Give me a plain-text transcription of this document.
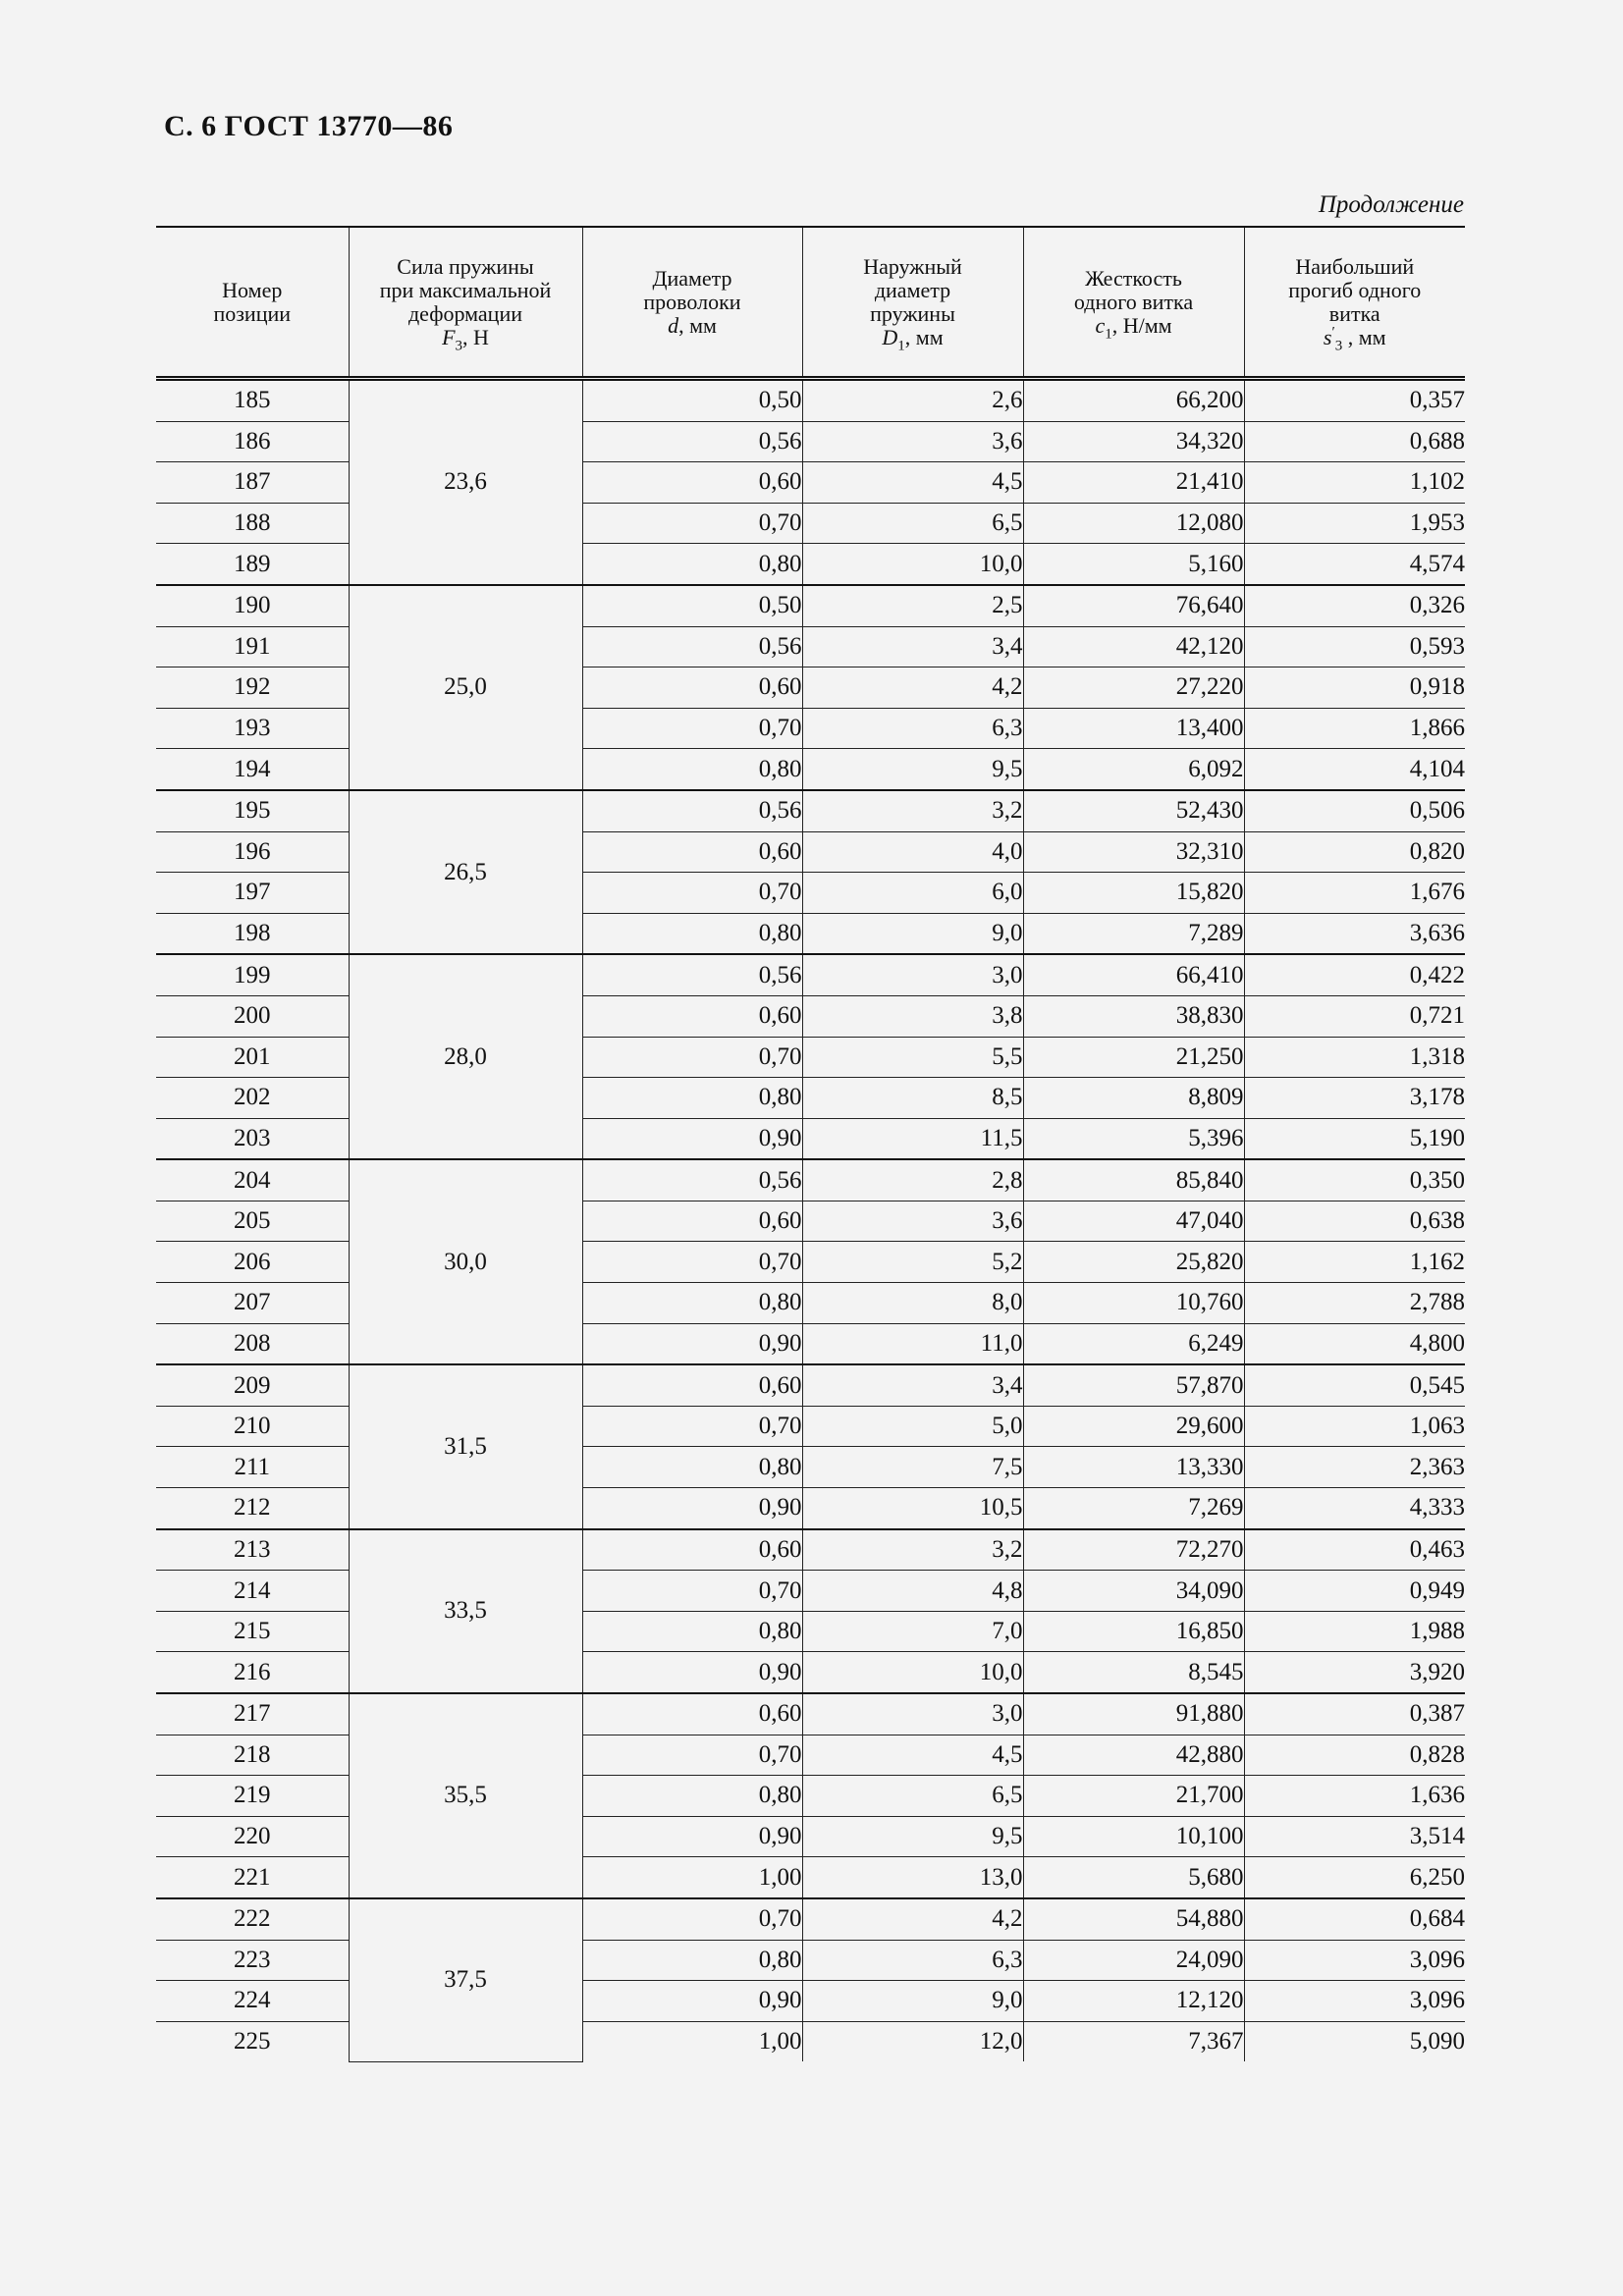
С. 6 ГОСТ 13770—86
Продолжение
Номер
позиции	Сила пружины
при максимальной
деформации
$F_3$, Н	Диаметр
проволоки
d, мм	Наружный
диаметр
пружины
$D_1$, мм	Жесткость
одного витка
$c_1$, Н/мм	Наибольший
прогиб одного
витка
$s'_3$ , мм
185	23,6	0,50	2,6	66,200	0,357
186		0,56	3,6	34,320	0,688
187		0,60	4,5	21,410	1,102
188		0,70	6,5	12,080	1,953
189		0,80	10,0	5,160	4,574
190	25,0	0,50	2,5	76,640	0,326
191		0,56	3,4	42,120	0,593
192		0,60	4,2	27,220	0,918
193		0,70	6,3	13,400	1,866
194		0,80	9,5	6,092	4,104
195	26,5	0,56	3,2	52,430	0,506
196		0,60	4,0	32,310	0,820
197		0,70	6,0	15,820	1,676
198		0,80	9,0	7,289	3,636
199	28,0	0,56	3,0	66,410	0,422
200		0,60	3,8	38,830	0,721
201		0,70	5,5	21,250	1,318
202		0,80	8,5	8,809	3,178
203		0,90	11,5	5,396	5,190
204	30,0	0,56	2,8	85,840	0,350
205		0,60	3,6	47,040	0,638
206		0,70	5,2	25,820	1,162
207		0,80	8,0	10,760	2,788
208		0,90	11,0	6,249	4,800
209	31,5	0,60	3,4	57,870	0,545
210		0,70	5,0	29,600	1,063
211		0,80	7,5	13,330	2,363
212		0,90	10,5	7,269	4,333
213	33,5	0,60	3,2	72,270	0,463
214		0,70	4,8	34,090	0,949
215		0,80	7,0	16,850	1,988
216		0,90	10,0	8,545	3,920
217	35,5	0,60	3,0	91,880	0,387
218		0,70	4,5	42,880	0,828
219		0,80	6,5	21,700	1,636
220		0,90	9,5	10,100	3,514
221		1,00	13,0	5,680	6,250
222	37,5	0,70	4,2	54,880	0,684
223		0,80	6,3	24,090	3,096
224		0,90	9,0	12,120	3,096
225		1,00	12,0	7,367	5,090
